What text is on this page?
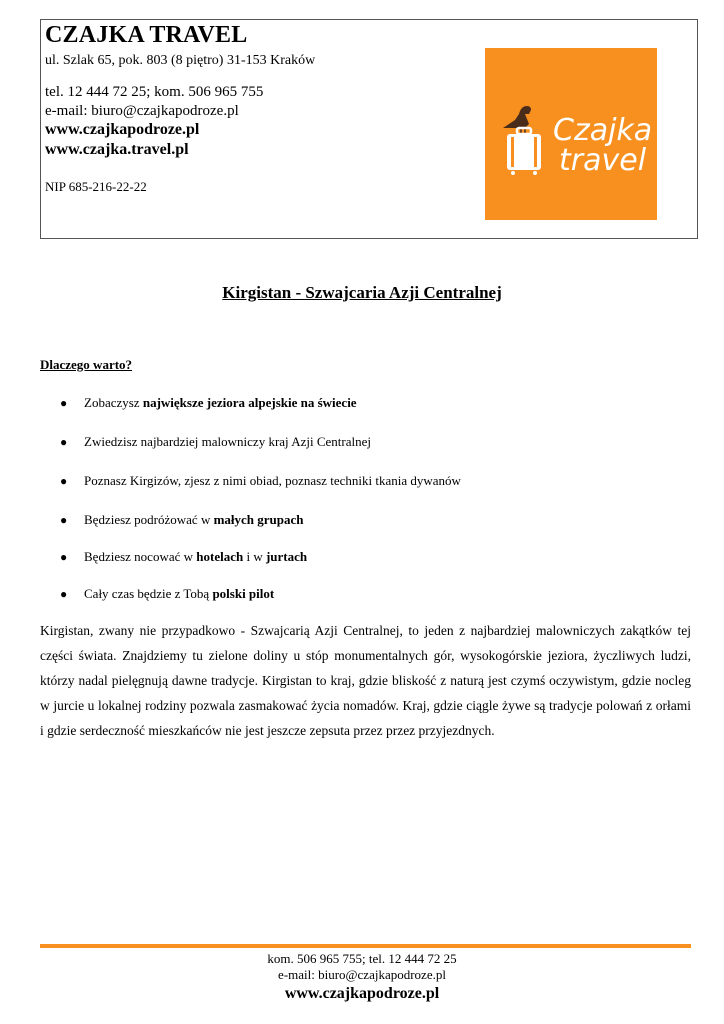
CZAJKA TRAVEL
ul. Szlak 65, pok. 803 (8 piętro) 31-153 Kraków
tel. 12 444 72 25; kom. 506 965 755
e-mail: biuro@czajkapodroze.pl
www.czajkapodroze.pl
www.czajka.travel.pl
NIP 685-216-22-22
Czajka
travel
Kirgistan - Szwajcaria Azji Centralnej
Dlaczego warto?
● Zobaczysz największe jeziora alpejskie na świecie
● Zwiedzisz najbardziej malowniczy kraj Azji Centralnej
● Poznasz Kirgizów, zjesz z nimi obiad, poznasz techniki tkania dywanów
● Będziesz podróżować w małych grupach
● Będziesz nocować w hotelach i w jurtach
● Cały czas będzie z Tobą polski pilot
Kirgistan, zwany nie przypadkowo - Szwajcarią Azji Centralnej, to jeden z najbardziej malowniczych zakątków tej części świata. Znajdziemy tu zielone doliny u stóp monumentalnych gór, wysokogórskie jeziora, życzliwych ludzi, którzy nadal pielęgnują dawne tradycje. Kirgistan to kraj, gdzie bliskość z naturą jest czymś oczywistym, gdzie nocleg w jurcie u lokalnej rodziny pozwala zasmakować życia nomadów. Kraj, gdzie ciągle żywe są tradycje polowań z orłami i gdzie serdeczność mieszkańców nie jest jeszcze zepsuta przez przez przyjezdnych.
kom. 506 965 755; tel. 12 444 72 25
e-mail: biuro@czajkapodroze.pl
www.czajkapodroze.pl
